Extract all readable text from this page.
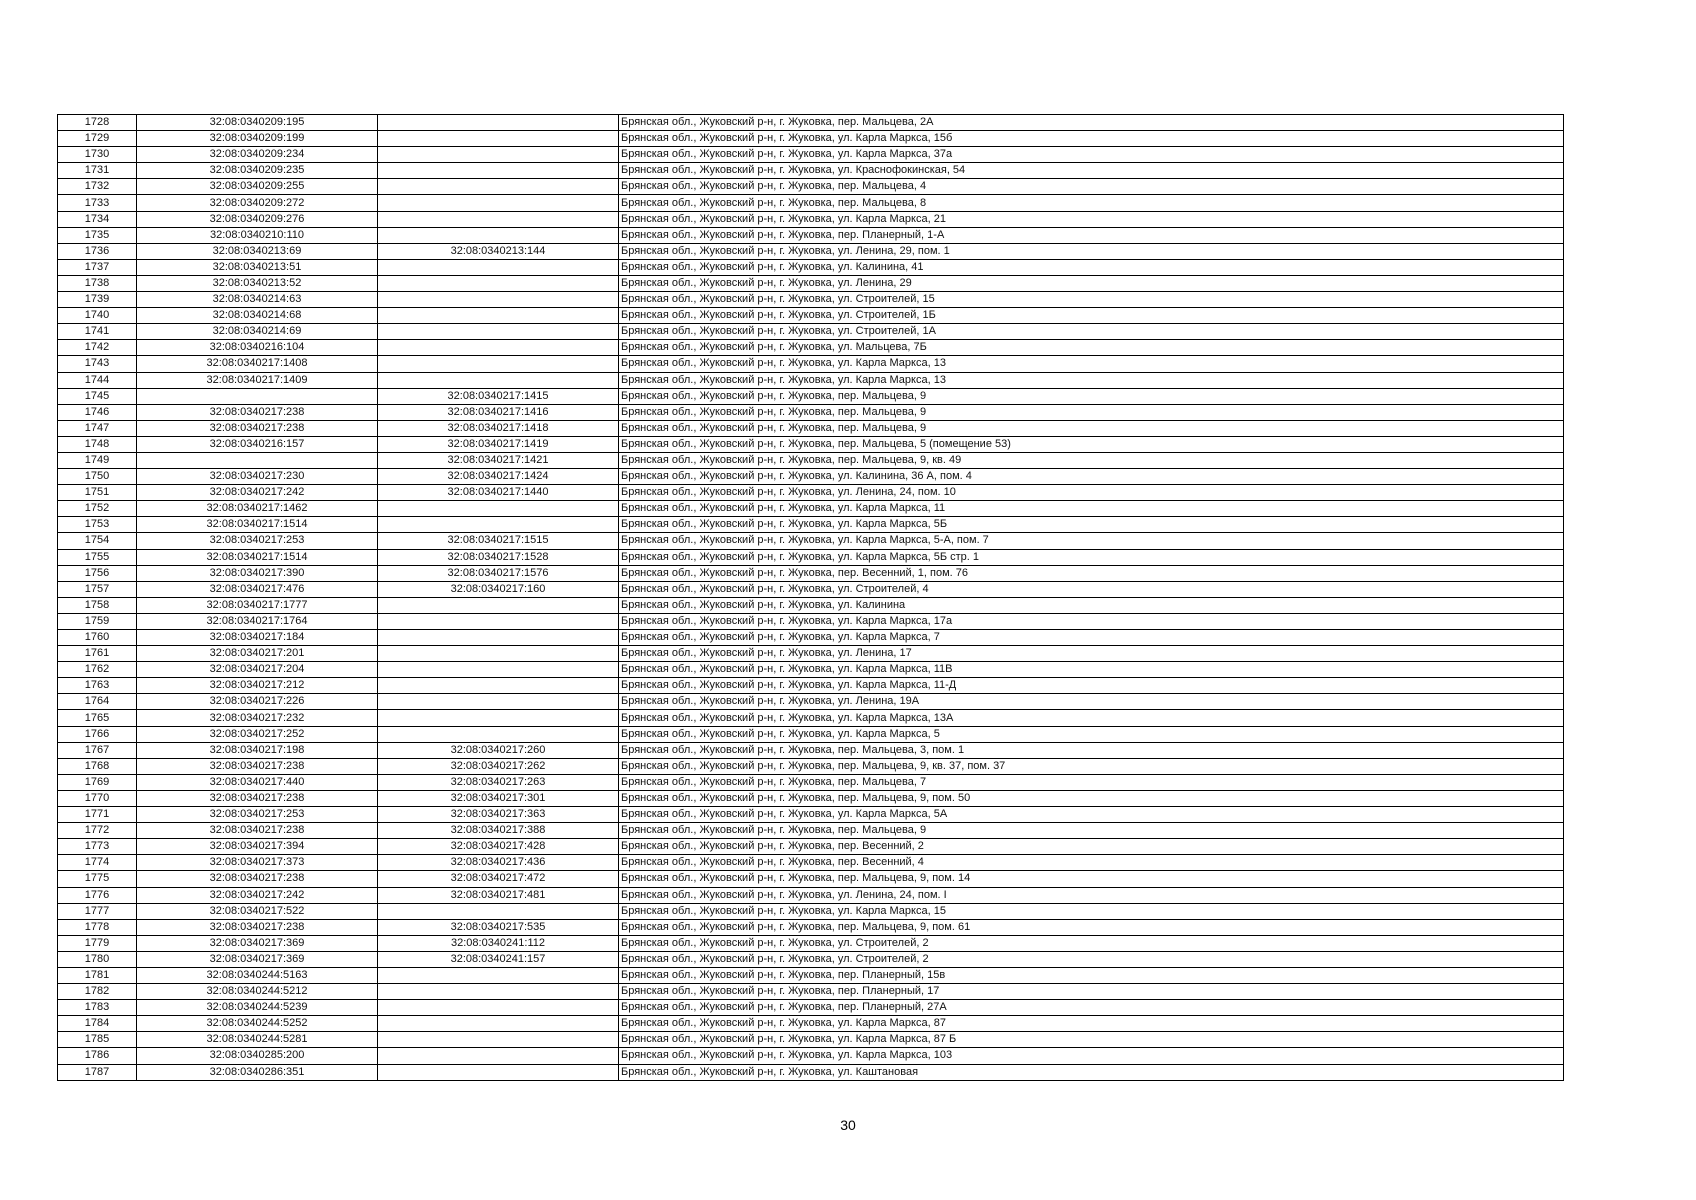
1728	32:08:0340209:195		Брянская обл., Жуковский р-н, г. Жуковка, пер. Мальцева, 2А
1729	32:08:0340209:199		Брянская обл., Жуковский р-н, г. Жуковка, ул. Карла Маркса, 15б
1730	32:08:0340209:234		Брянская обл., Жуковский р-н, г. Жуковка, ул. Карла Маркса, 37а
1731	32:08:0340209:235		Брянская обл., Жуковский р-н, г. Жуковка, ул. Краснофокинская, 54
1732	32:08:0340209:255		Брянская обл., Жуковский р-н, г. Жуковка, пер. Мальцева, 4
1733	32:08:0340209:272		Брянская обл., Жуковский р-н, г. Жуковка, пер. Мальцева, 8
1734	32:08:0340209:276		Брянская обл., Жуковский р-н, г. Жуковка, ул. Карла Маркса, 21
1735	32:08:0340210:110		Брянская обл., Жуковский р-н, г. Жуковка, пер. Планерный, 1-А
1736	32:08:0340213:69	32:08:0340213:144	Брянская обл., Жуковский р-н, г. Жуковка, ул. Ленина, 29, пом. 1
1737	32:08:0340213:51		Брянская обл., Жуковский р-н, г. Жуковка, ул. Калинина, 41
1738	32:08:0340213:52		Брянская обл., Жуковский р-н, г. Жуковка, ул. Ленина, 29
1739	32:08:0340214:63		Брянская обл., Жуковский р-н, г. Жуковка, ул. Строителей, 15
1740	32:08:0340214:68		Брянская обл., Жуковский р-н, г. Жуковка, ул. Строителей, 1Б
1741	32:08:0340214:69		Брянская обл., Жуковский р-н, г. Жуковка, ул. Строителей, 1А
1742	32:08:0340216:104		Брянская обл., Жуковский р-н, г. Жуковка, ул. Мальцева, 7Б
1743	32:08:0340217:1408		Брянская обл., Жуковский р-н, г. Жуковка, ул. Карла Маркса, 13
1744	32:08:0340217:1409		Брянская обл., Жуковский р-н, г. Жуковка, ул. Карла Маркса, 13
1745		32:08:0340217:1415	Брянская обл., Жуковский р-н, г. Жуковка, пер. Мальцева, 9
1746	32:08:0340217:238	32:08:0340217:1416	Брянская обл., Жуковский р-н, г. Жуковка, пер. Мальцева, 9
1747	32:08:0340217:238	32:08:0340217:1418	Брянская обл., Жуковский р-н, г. Жуковка, пер. Мальцева, 9
1748	32:08:0340216:157	32:08:0340217:1419	Брянская обл., Жуковский р-н, г. Жуковка, пер. Мальцева, 5 (помещение 53)
1749		32:08:0340217:1421	Брянская обл., Жуковский р-н, г. Жуковка, пер. Мальцева, 9, кв. 49
1750	32:08:0340217:230	32:08:0340217:1424	Брянская обл., Жуковский р-н, г. Жуковка, ул. Калинина, 36 А, пом. 4
1751	32:08:0340217:242	32:08:0340217:1440	Брянская обл., Жуковский р-н, г. Жуковка, ул. Ленина, 24, пом. 10
1752	32:08:0340217:1462		Брянская обл., Жуковский р-н, г. Жуковка, ул. Карла Маркса, 11
1753	32:08:0340217:1514		Брянская обл., Жуковский р-н, г. Жуковка, ул. Карла Маркса, 5Б
1754	32:08:0340217:253	32:08:0340217:1515	Брянская обл., Жуковский р-н, г. Жуковка, ул. Карла Маркса, 5-А, пом. 7
1755	32:08:0340217:1514	32:08:0340217:1528	Брянская обл., Жуковский р-н, г. Жуковка, ул. Карла Маркса, 5Б стр. 1
1756	32:08:0340217:390	32:08:0340217:1576	Брянская обл., Жуковский р-н, г. Жуковка, пер. Весенний, 1, пом. 76
1757	32:08:0340217:476	32:08:0340217:160	Брянская обл., Жуковский р-н, г. Жуковка, ул. Строителей, 4
1758	32:08:0340217:1777		Брянская обл., Жуковский р-н, г. Жуковка, ул. Калинина
1759	32:08:0340217:1764		Брянская обл., Жуковский р-н, г. Жуковка, ул. Карла Маркса, 17а
1760	32:08:0340217:184		Брянская обл., Жуковский р-н, г. Жуковка, ул. Карла Маркса, 7
1761	32:08:0340217:201		Брянская обл., Жуковский р-н, г. Жуковка, ул. Ленина, 17
1762	32:08:0340217:204		Брянская обл., Жуковский р-н, г. Жуковка, ул. Карла Маркса, 11В
1763	32:08:0340217:212		Брянская обл., Жуковский р-н, г. Жуковка, ул. Карла Маркса, 11-Д
1764	32:08:0340217:226		Брянская обл., Жуковский р-н, г. Жуковка, ул. Ленина, 19А
1765	32:08:0340217:232		Брянская обл., Жуковский р-н, г. Жуковка, ул. Карла Маркса, 13А
1766	32:08:0340217:252		Брянская обл., Жуковский р-н, г. Жуковка, ул. Карла Маркса, 5
1767	32:08:0340217:198	32:08:0340217:260	Брянская обл., Жуковский р-н, г. Жуковка, пер. Мальцева, 3, пом. 1
1768	32:08:0340217:238	32:08:0340217:262	Брянская обл., Жуковский р-н, г. Жуковка, пер. Мальцева, 9, кв. 37, пом. 37
1769	32:08:0340217:440	32:08:0340217:263	Брянская обл., Жуковский р-н, г. Жуковка, пер. Мальцева, 7
1770	32:08:0340217:238	32:08:0340217:301	Брянская обл., Жуковский р-н, г. Жуковка, пер. Мальцева, 9, пом. 50
1771	32:08:0340217:253	32:08:0340217:363	Брянская обл., Жуковский р-н, г. Жуковка, ул. Карла Маркса, 5А
1772	32:08:0340217:238	32:08:0340217:388	Брянская обл., Жуковский р-н, г. Жуковка, пер. Мальцева, 9
1773	32:08:0340217:394	32:08:0340217:428	Брянская обл., Жуковский р-н, г. Жуковка, пер. Весенний, 2
1774	32:08:0340217:373	32:08:0340217:436	Брянская обл., Жуковский р-н, г. Жуковка, пер. Весенний, 4
1775	32:08:0340217:238	32:08:0340217:472	Брянская обл., Жуковский р-н, г. Жуковка, пер. Мальцева, 9, пом. 14
1776	32:08:0340217:242	32:08:0340217:481	Брянская обл., Жуковский р-н, г. Жуковка, ул. Ленина, 24, пом. I
1777	32:08:0340217:522		Брянская обл., Жуковский р-н, г. Жуковка, ул. Карла Маркса, 15
1778	32:08:0340217:238	32:08:0340217:535	Брянская обл., Жуковский р-н, г. Жуковка, пер. Мальцева, 9, пом. 61
1779	32:08:0340217:369	32:08:0340241:112	Брянская обл., Жуковский р-н, г. Жуковка, ул. Строителей, 2
1780	32:08:0340217:369	32:08:0340241:157	Брянская обл., Жуковский р-н, г. Жуковка, ул. Строителей, 2
1781	32:08:0340244:5163		Брянская обл., Жуковский р-н, г. Жуковка, пер. Планерный, 15в
1782	32:08:0340244:5212		Брянская обл., Жуковский р-н, г. Жуковка, пер. Планерный, 17
1783	32:08:0340244:5239		Брянская обл., Жуковский р-н, г. Жуковка, пер. Планерный, 27А
1784	32:08:0340244:5252		Брянская обл., Жуковский р-н, г. Жуковка, ул. Карла Маркса, 87
1785	32:08:0340244:5281		Брянская обл., Жуковский р-н, г. Жуковка, ул. Карла Маркса, 87 Б
1786	32:08:0340285:200		Брянская обл., Жуковский р-н, г. Жуковка, ул. Карла Маркса, 103
1787	32:08:0340286:351		Брянская обл., Жуковский р-н, г. Жуковка, ул. Каштановая
30
